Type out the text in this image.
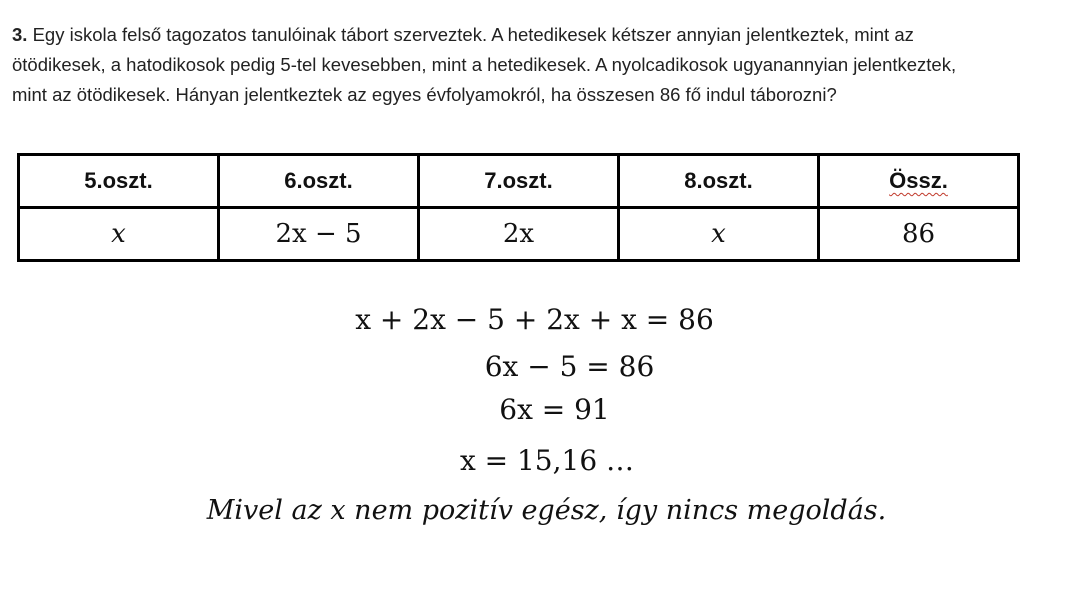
3. Egy iskola felső tagozatos tanulóinak tábort szerveztek. A hetedikesek kétszer annyian jelentkeztek, mint az
ötödikesek, a hatodikosok pedig 5-tel kevesebben, mint a hetedikesek. A nyolcadikosok ugyanannyian jelentkeztek,
mint az ötödikesek. Hányan jelentkeztek az egyes évfolyamokról, ha összesen 86 fő indul táborozni?
5.oszt.	6.oszt.	7.oszt.	8.oszt.	Össz.
x	2x − 5	2x	x	86
x + 2x − 5 + 2x + x = 86
6x − 5 = 86
6x = 91
x = 15,16 …
Mivel az x nem pozitív egész, így nincs megoldás.
